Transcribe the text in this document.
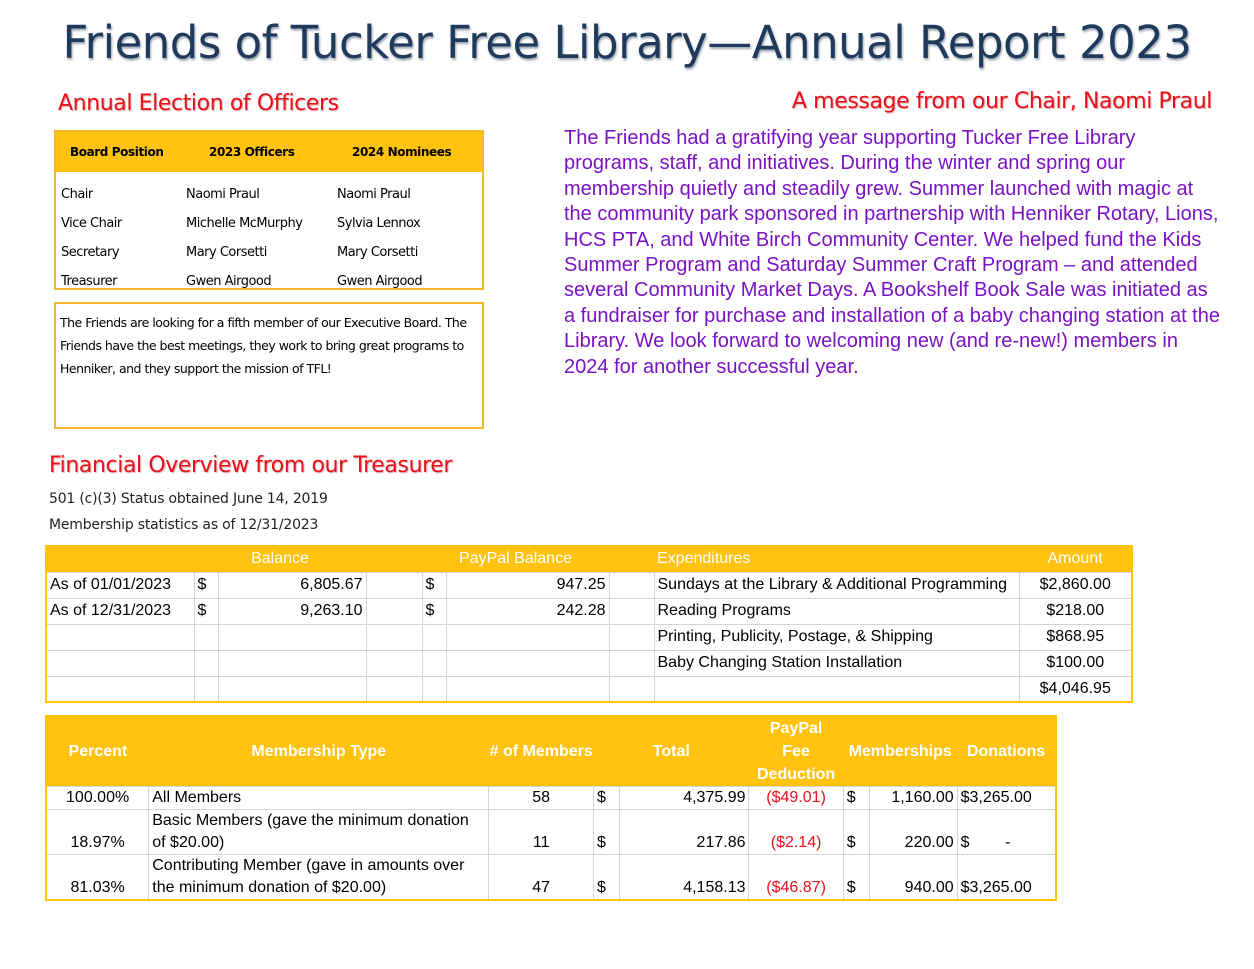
Friends of Tucker Free Library—Annual Report 2023
Annual Election of Officers
Board Position	2023 Officers	2024 Nominees
Chair	Naomi Praul	Naomi Praul
Vice Chair	Michelle McMurphy	Sylvia Lennox
Secretary	Mary Corsetti	Mary Corsetti
Treasurer	Gwen Airgood	Gwen Airgood
The Friends are looking for a fifth member of our Executive Board. The Friends have the best meetings, they work to bring great programs to Henniker, and they support the mission of TFL!
A message from our Chair, Naomi Praul
The Friends had a gratifying year supporting Tucker Free Library programs, staff, and initiatives. During the winter and spring our membership quietly and steadily grew. Summer launched with magic at the community park sponsored in partnership with Henniker Rotary, Lions, HCS PTA, and White Birch Community Center. We helped fund the Kids Summer Program and Saturday Summer Craft Program – and attended several Community Market Days. A Bookshelf Book Sale was initiated as a fundraiser for purchase and installation of a baby changing station at the Library. We look forward to welcoming new (and re-new!) members in 2024 for another successful year.
Financial Overview from our Treasurer
501 (c)(3) Status obtained June 14, 2019
Membership statistics as of 12/31/2023
	Balance			PayPal Balance			Expenditures	Amount
As of 01/01/2023	$	6,805.67		$	947.25		Sundays at the Library & Additional Programming	$2,860.00
As of 12/31/2023	$	9,263.10		$	242.28		Reading Programs	$218.00
							Printing, Publicity, Postage, & Shipping	$868.95
							Baby Changing Station Installation	$100.00
								$4,046.95
Percent	Membership Type	# of Members	Total		PayPal Fee Deduction	Memberships		Donations
100.00%	All Members	58	$	4,375.99	($49.01)	$	1,160.00	$3,265.00
18.97%	Basic Members (gave the minimum donation of $20.00)	11	$	217.86	($2.14)	$	220.00	$        -
81.03%	Contributing Member (gave in amounts over the minimum donation of $20.00)	47	$	4,158.13	($46.87)	$	940.00	$3,265.00
